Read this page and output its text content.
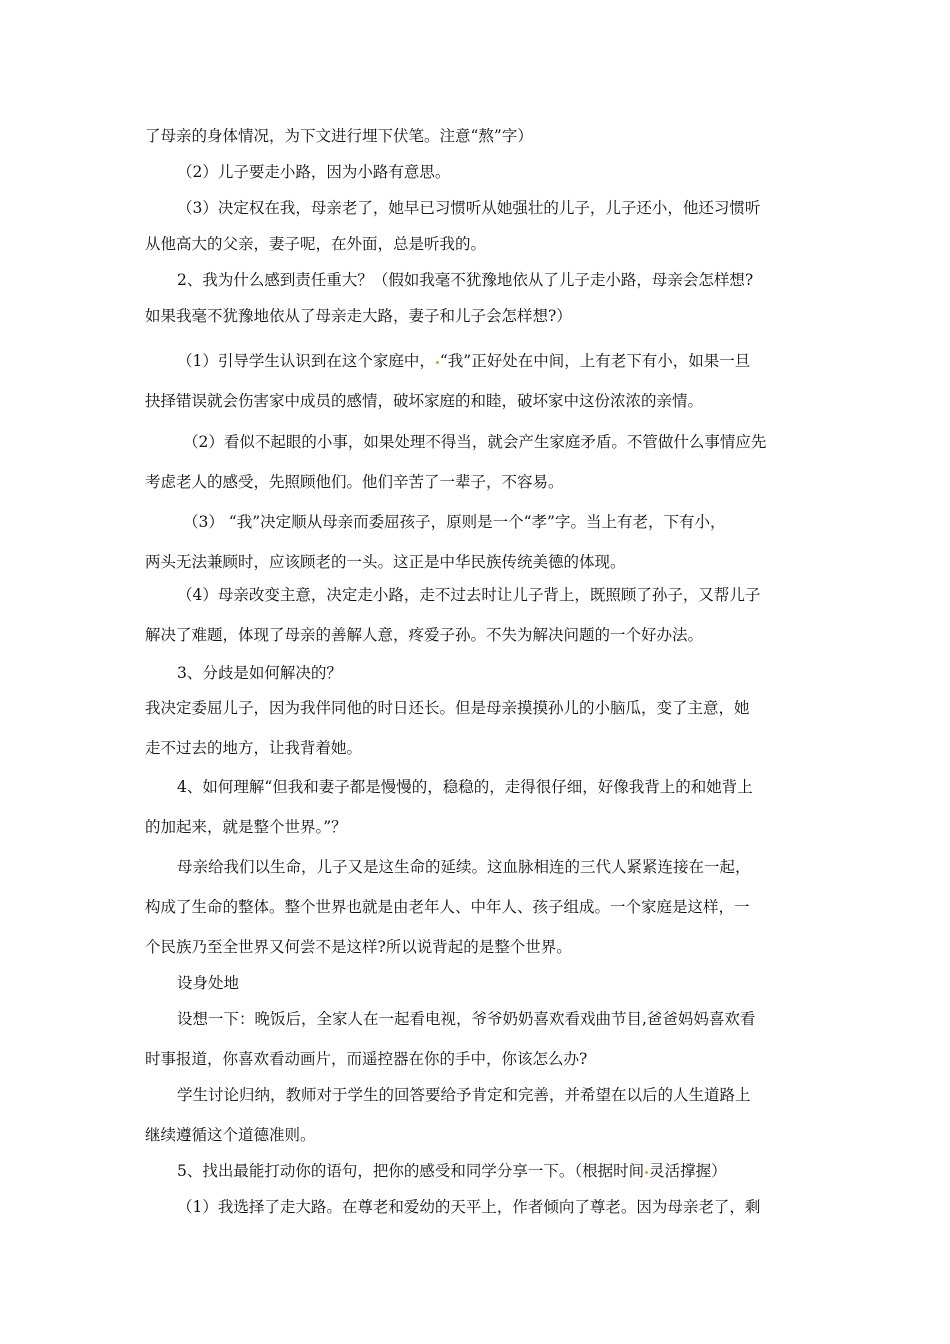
了母亲的身体情况，为下文进行埋下伏笔。注意“熬”字）
（2）儿子要走小路，因为小路有意思。
（3）决定权在我，母亲老了，她早已习惯听从她强壮的儿子，儿子还小，他还习惯听
从他高大的父亲，妻子呢，在外面，总是听我的。
2、我为什么感到责任重大？（假如我毫不犹豫地依从了儿子走小路，母亲会怎样想?
如果我毫不犹豫地依从了母亲走大路，妻子和儿子会怎样想?）
（1）引导学生认识到在这个家庭中， “我”正好处在中间，上有老下有小，如果一旦
抉择错误就会伤害家中成员的感情，破坏家庭的和睦，破坏家中这份浓浓的亲情。
（2）看似不起眼的小事，如果处理不得当，就会产生家庭矛盾。不管做什么事情应先
考虑老人的感受，先照顾他们。他们辛苦了一辈子，不容易。
（3） “我”决定顺从母亲而委屈孩子，原则是一个“孝”字。当上有老，下有小，
两头无法兼顾时，应该顾老的一头。这正是中华民族传统美德的体现。
（4）母亲改变主意，决定走小路，走不过去时让儿子背上，既照顾了孙子，又帮儿子
解决了难题，体现了母亲的善解人意，疼爱子孙。不失为解决问题的一个好办法。
3、分歧是如何解决的？
我决定委屈儿子，因为我伴同他的时日还长。但是母亲摸摸孙儿的小脑瓜，变了主意，她
走不过去的地方，让我背着她。
4、如何理解“但我和妻子都是慢慢的，稳稳的，走得很仔细，好像我背上的和她背上
的加起来，就是整个世界。”？
母亲给我们以生命，儿子又是这生命的延续。这血脉相连的三代人紧紧连接在一起，
构成了生命的整体。整个世界也就是由老年人、中年人、孩子组成。一个家庭是这样，一
个民族乃至全世界又何尝不是这样?所以说背起的是整个世界。
设身处地
设想一下：晚饭后，全家人在一起看电视，爷爷奶奶喜欢看戏曲节目,爸爸妈妈喜欢看
时事报道，你喜欢看动画片，而遥控器在你的手中，你该怎么办?
学生讨论归纳，教师对于学生的回答要给予肯定和完善，并希望在以后的人生道路上
继续遵循这个道德准则。
5、找出最能打动你的语句，把你的感受和同学分享一下。（根据时间 灵活撑握）
（1）我选择了走大路。在尊老和爱幼的天平上，作者倾向了尊老。因为母亲老了，剩
